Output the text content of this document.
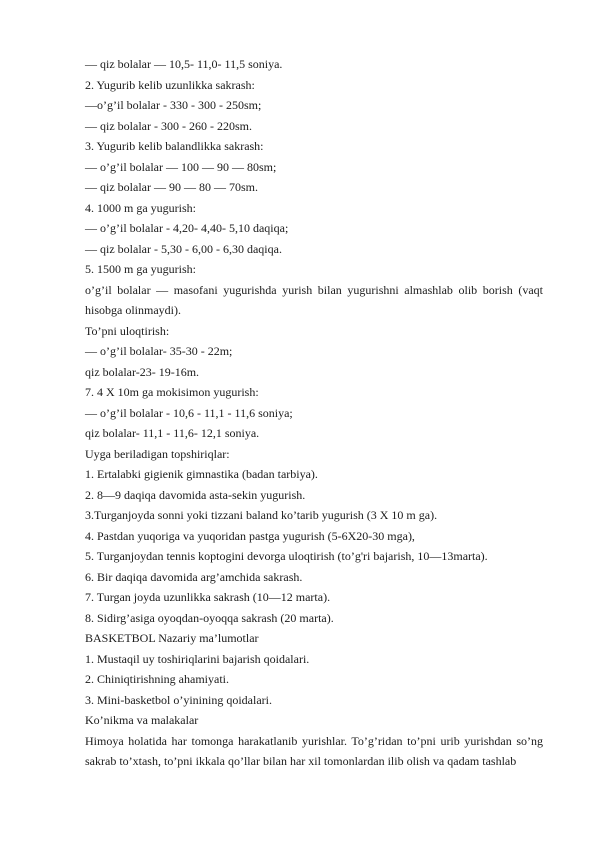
— qiz bolalar — 10,5- 11,0- 11,5 soniya.
2. Yugurib kelib uzunlikka sakrash:
—o’g’il bolalar - 330 - 300 - 250sm;
— qiz bolalar - 300 - 260 - 220sm.
3. Yugurib kelib balandlikka sakrash:
— o’g’il bolalar — 100 — 90 — 80sm;
— qiz bolalar — 90 — 80 — 70sm.
4. 1000 m ga yugurish:
— o’g’il bolalar - 4,20- 4,40- 5,10 daqiqa;
— qiz bolalar - 5,30 - 6,00 - 6,30 daqiqa.
5. 1500 m ga yugurish:
o’g’il bolalar — masofani yugurishda yurish bilan yugurishni almashlab olib borish (vaqt hisobga olinmaydi).
To’pni uloqtirish:
— o’g’il bolalar- 35-30 - 22m;
qiz bolalar-23- 19-16m.
7. 4 X 10m ga mokisimon yugurish:
— o’g’il bolalar - 10,6 - 11,1 - 11,6 soniya;
qiz bolalar- 11,1 - 11,6- 12,1 soniya.
Uyga beriladigan topshiriqlar:
1. Ertalabki gigienik gimnastika (badan tarbiya).
2. 8—9 daqiqa davomida asta-sekin yugurish.
3.Turganjoyda sonni yoki tizzani baland ko’tarib yugurish (3 X 10 m ga).
4. Pastdan yuqoriga va yuqoridan pastga yugurish (5-6X20-30 mga),
5. Turganjoydan tennis koptogini devorga uloqtirish (to’g'ri bajarish, 10—13marta).
6. Bir daqiqa davomida arg’amchida sakrash.
7. Turgan joyda uzunlikka sakrash (10—12 marta).
8. Sidirg’asiga oyoqdan-oyoqqa sakrash (20 marta).
BASKETBOL Nazariy ma’lumotlar
1. Mustaqil uy toshiriqlarini bajarish qoidalari.
2. Chiniqtirishning ahamiyati.
3. Mini-basketbol o’yinining qoidalari.
Ko’nikma va malakalar
Himoya holatida har tomonga harakatlanib yurishlar. To’g’ridan to’pni urib yurishdan so’ng sakrab to’xtash, to’pni ikkala qo’llar bilan har xil tomonlardan ilib olish va qadam tashlab
